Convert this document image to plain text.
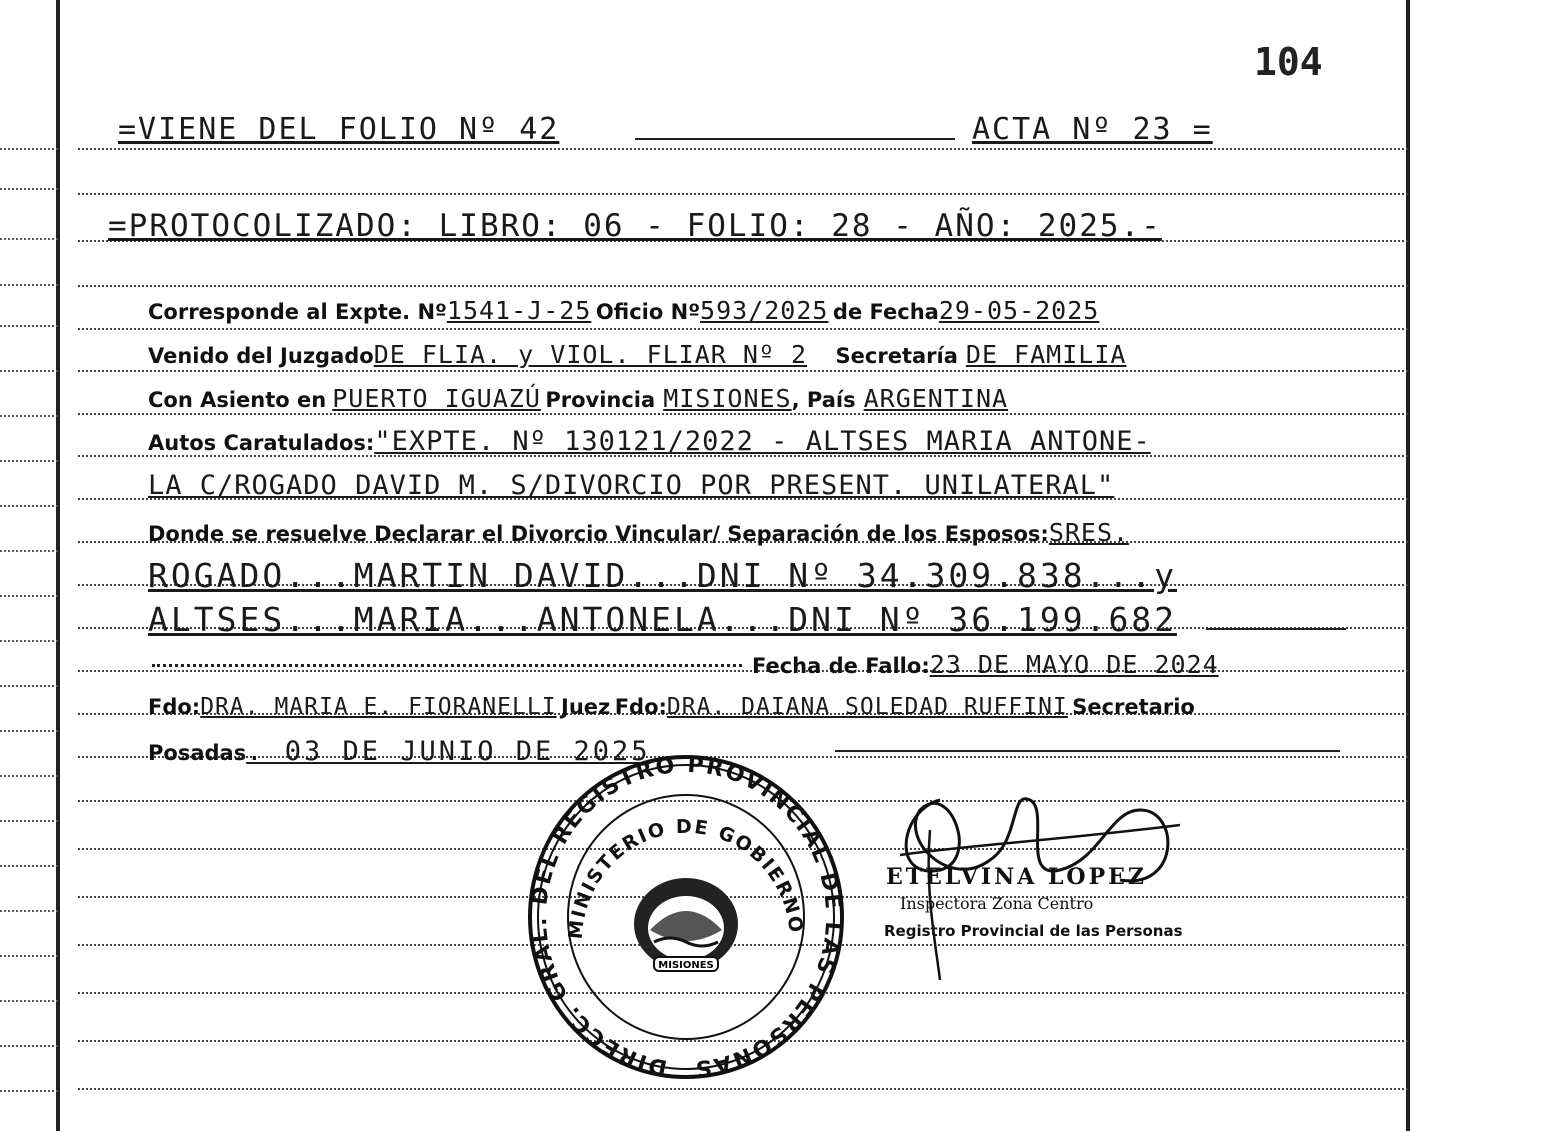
104
=VIENE DEL FOLIO Nº 42	ACTA Nº 23 =
=PROTOCOLIZADO: LIBRO: 06 - FOLIO: 28 - AÑO: 2025.-
Corresponde al Expte. Nº1541-J-25 Oficio Nº593/2025 de Fecha29-05-2025
Venido del JuzgadoDE FLIA. y VIOL. FLIAR Nº 2 Secretaría DE FAMILIA
Con Asiento en PUERTO IGUAZÚ Provincia MISIONES, País ARGENTINA
Autos Caratulados:"EXPTE. Nº 130121/2022 - ALTSES MARIA ANTONE-
LA C/ROGADO DAVID M. S/DIVORCIO POR PRESENT. UNILATERAL"
Donde se resuelve Declarar el Divorcio Vincular/ Separación de los Esposos:SRES.
ROGADO...MARTIN DAVID...DNI Nº 34.309.838...y
ALTSES...MARIA...ANTONELA...DNI Nº 36.199.682
Fecha de Fallo:23 DE MAYO DE 2024
Fdo:DRA. MARIA E. FIORANELLI Juez Fdo:DRA. DAIANA SOLEDAD RUFFINI Secretario
Posadas. 03 DE JUNIO DE 2025
DIRECC. GRAL. DEL REGISTRO PROVINCIAL DE LAS PERSONAS
MINISTERIO DE GOBIERNO
MISIONES
ETELVINA LOPEZ
Inspectora Zona Centro
Registro Provincial de las Personas
